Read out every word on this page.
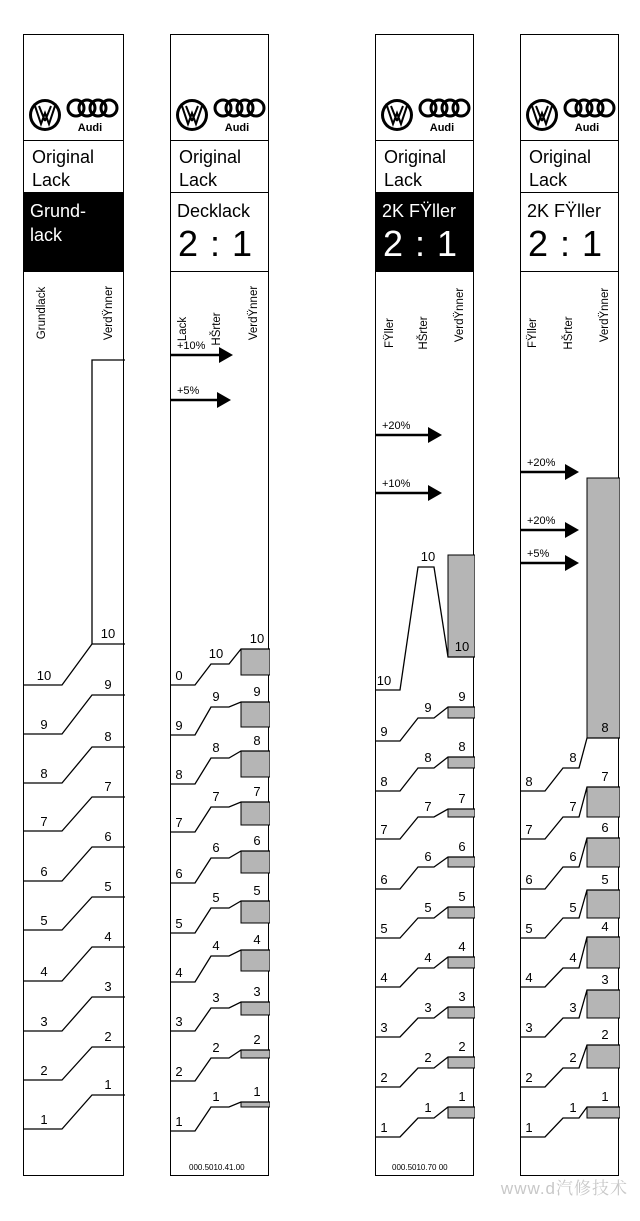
Audi
Original
Lack
Grund-
lack
1
1
2
2
3
3
4
4
5
5
6
6
7
7
8
8
9
9
10
10
Grundlack	VerdŸnner
Audi
Original
Lack
Decklack
2 : 1
1
1	1
2
2
2
3
3	3
4
4	4
5
5	5
6
6	6
7
7	7
8
8	8
9
9	9
0
10
10
+10%
+5%
Lack HŠrter VerdŸnner
000.5010.41.00
Audi
Original
Lack
2K FŸller
2 : 1
1
1
1
2
2
2
3
3
3
4
4
4
5
5
5
6
6
6
7
7
7
8
8
8
9
9
9
10
10
10
+20%
+10%
FŸller HŠrter VerdŸnner
000.5010.70 00
Audi
Original
Lack
2K FŸller
2 : 1
1
1
1
2
2
2
3
3
3
4
4
4
5
5
5
6
6
6
7
7
7
8
8
8
+20%
+20%
+5%
FŸller HŠrter VerdŸnner
www.d汽修技术
